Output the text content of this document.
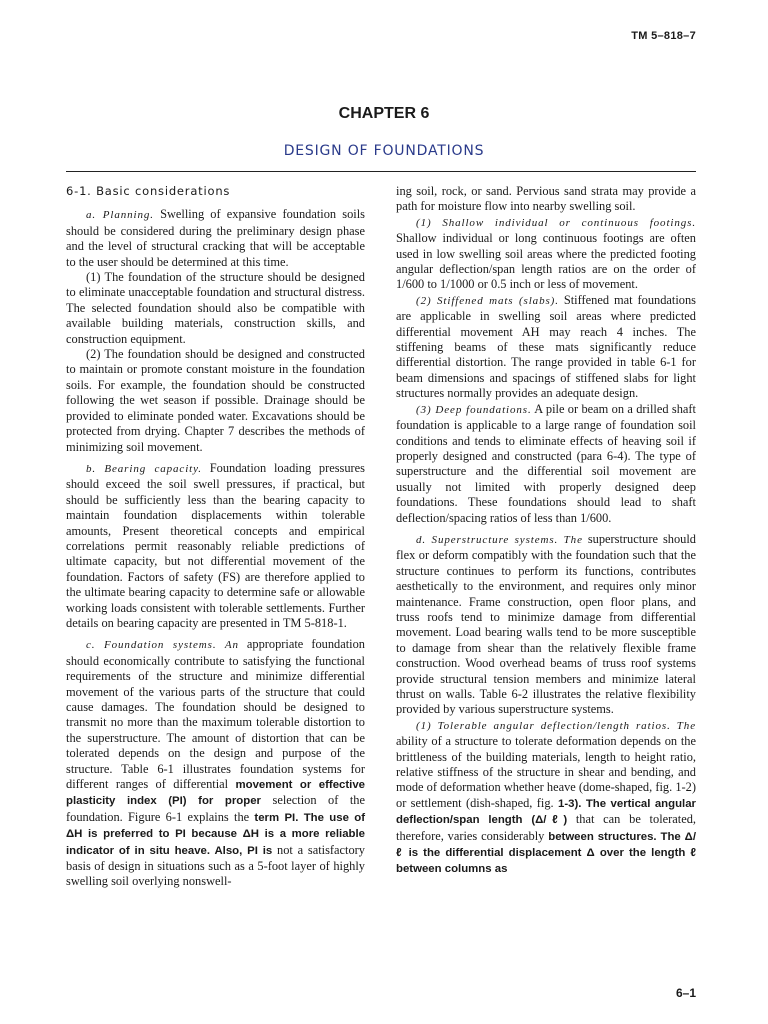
TM 5–818–7
CHAPTER 6
DESIGN OF FOUNDATIONS
6-1. Basic considerations

a. Planning. Swelling of expansive foundation soils should be considered during the preliminary design phase and the level of structural cracking that will be acceptable to the user should be determined at this time.

(1) The foundation of the structure should be designed to eliminate unacceptable foundation and structural distress. The selected foundation should also be compatible with available building materials, construction skills, and construction equipment.

(2) The foundation should be designed and constructed to maintain or promote constant moisture in the foundation soils. For example, the foundation should be constructed following the wet season if possible. Drainage should be provided to eliminate ponded water. Excavations should be protected from drying. Chapter 7 describes the methods of minimizing soil movement.

b. Bearing capacity. Foundation loading pressures should exceed the soil swell pressures, if practical, but should be sufficiently less than the bearing capacity to maintain foundation displacements within tolerable amounts, Present theoretical concepts and empirical correlations permit reasonably reliable predictions of ultimate capacity, but not differential movement of the foundation. Factors of safety (FS) are therefore applied to the ultimate bearing capacity to determine safe or allowable working loads consistent with tolerable settlements. Further details on bearing capacity are presented in TM 5-818-1.

c. Foundation systems. An appropriate foundation should economically contribute to satisfying the functional requirements of the structure and minimize differential movement of the various parts of the structure that could cause damages. The foundation should be designed to transmit no more than the maximum tolerable distortion to the superstructure. The amount of distortion that can be tolerated depends on the design and purpose of the structure. Table 6-1 illustrates foundation systems for different ranges of differential movement or effective plasticity index (PI) for proper selection of the foundation. Figure 6-1 explains the term PI. The use of ΔH is preferred to PI because ΔH is a more reliable indicator of in situ heave. Also, PI is not a satisfactory basis of design in situations such as a 5-foot layer of highly swelling soil overlying nonswell-

ing soil, rock, or sand. Pervious sand strata may provide a path for moisture flow into nearby swelling soil.

(1) Shallow individual or continuous footings. Shallow individual or long continuous footings are often used in low swelling soil areas where the predicted footing angular deflection/span length ratios are on the order of 1/600 to 1/1000 or 0.5 inch or less of movement.

(2) Stiffened mats (slabs). Stiffened mat foundations are applicable in swelling soil areas where predicted differential movement AH may reach 4 inches. The stiffening beams of these mats significantly reduce differential distortion. The range provided in table 6-1 for beam dimensions and spacings of stiffened slabs for light structures normally provides an adequate design.

(3) Deep foundations. A pile or beam on a drilled shaft foundation is applicable to a large range of foundation soil conditions and tends to eliminate effects of heaving soil if properly designed and constructed (para 6-4). The type of superstructure and the differential soil movement are usually not limited with properly designed deep foundations. These foundations should lead to shaft deflection/spacing ratios of less than 1/600.

d. Superstructure systems. The superstructure should flex or deform compatibly with the foundation such that the structure continues to perform its functions, contributes aesthetically to the environment, and requires only minor maintenance. Frame construction, open floor plans, and truss roofs tend to minimize damage from differential movement. Load bearing walls tend to be more susceptible to damage from shear than the relatively flexible frame construction. Wood overhead beams of truss roof systems provide structural tension members and minimize lateral thrust on walls. Table 6-2 illustrates the relative flexibility provided by various superstructure systems.

(1) Tolerable angular deflection/length ratios. The ability of a structure to tolerate deformation depends on the brittleness of the building materials, length to height ratio, relative stiffness of the structure in shear and bending, and mode of deformation whether heave (dome-shaped, fig. 1-2) or settlement (dish-shaped, fig. 1-3). The vertical angular deflection/span length (Δ/ℓ) that can be tolerated, therefore, varies considerably between structures. The Δ/ℓ is the differential displacement Δ over the length ℓ between columns as

6–1
